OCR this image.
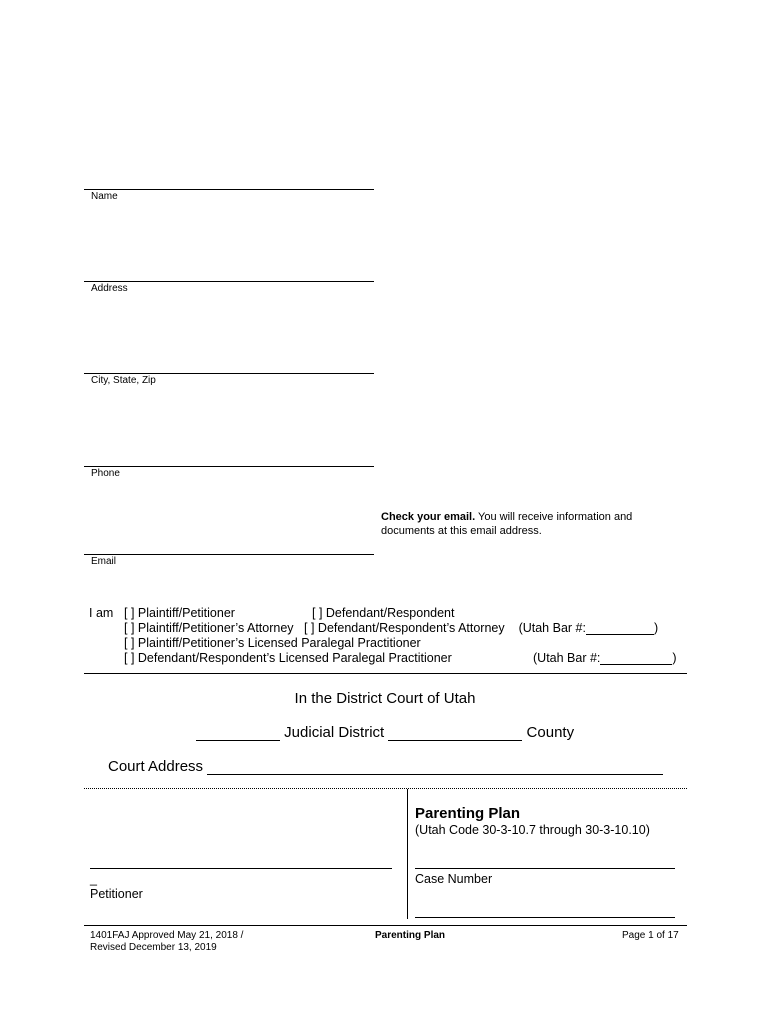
Name
Address
City, State, Zip
Phone
Check your email. You will receive information and
documents at this email address.
Email
I am [ ] Plaintiff/Petitioner	[ ] Defendant/Respondent
[ ] Plaintiff/Petitioner’s Attorney [ ] Defendant/Respondent’s Attorney (Utah Bar #:	)
[ ] Plaintiff/Petitioner’s Licensed Paralegal Practitioner
[ ] Defendant/Respondent’s Licensed Paralegal Practitioner	(Utah Bar #:	)
In the District Court of Utah
Judicial District	County
Court Address
Parenting Plan
(Utah Code 30-3-10.7 through 30-3-10.10)
_
Petitioner
Case Number
1401FAJ Approved May 21, 2018 /
Revised December 13, 2019
Parenting Plan	Page 1 of 17
